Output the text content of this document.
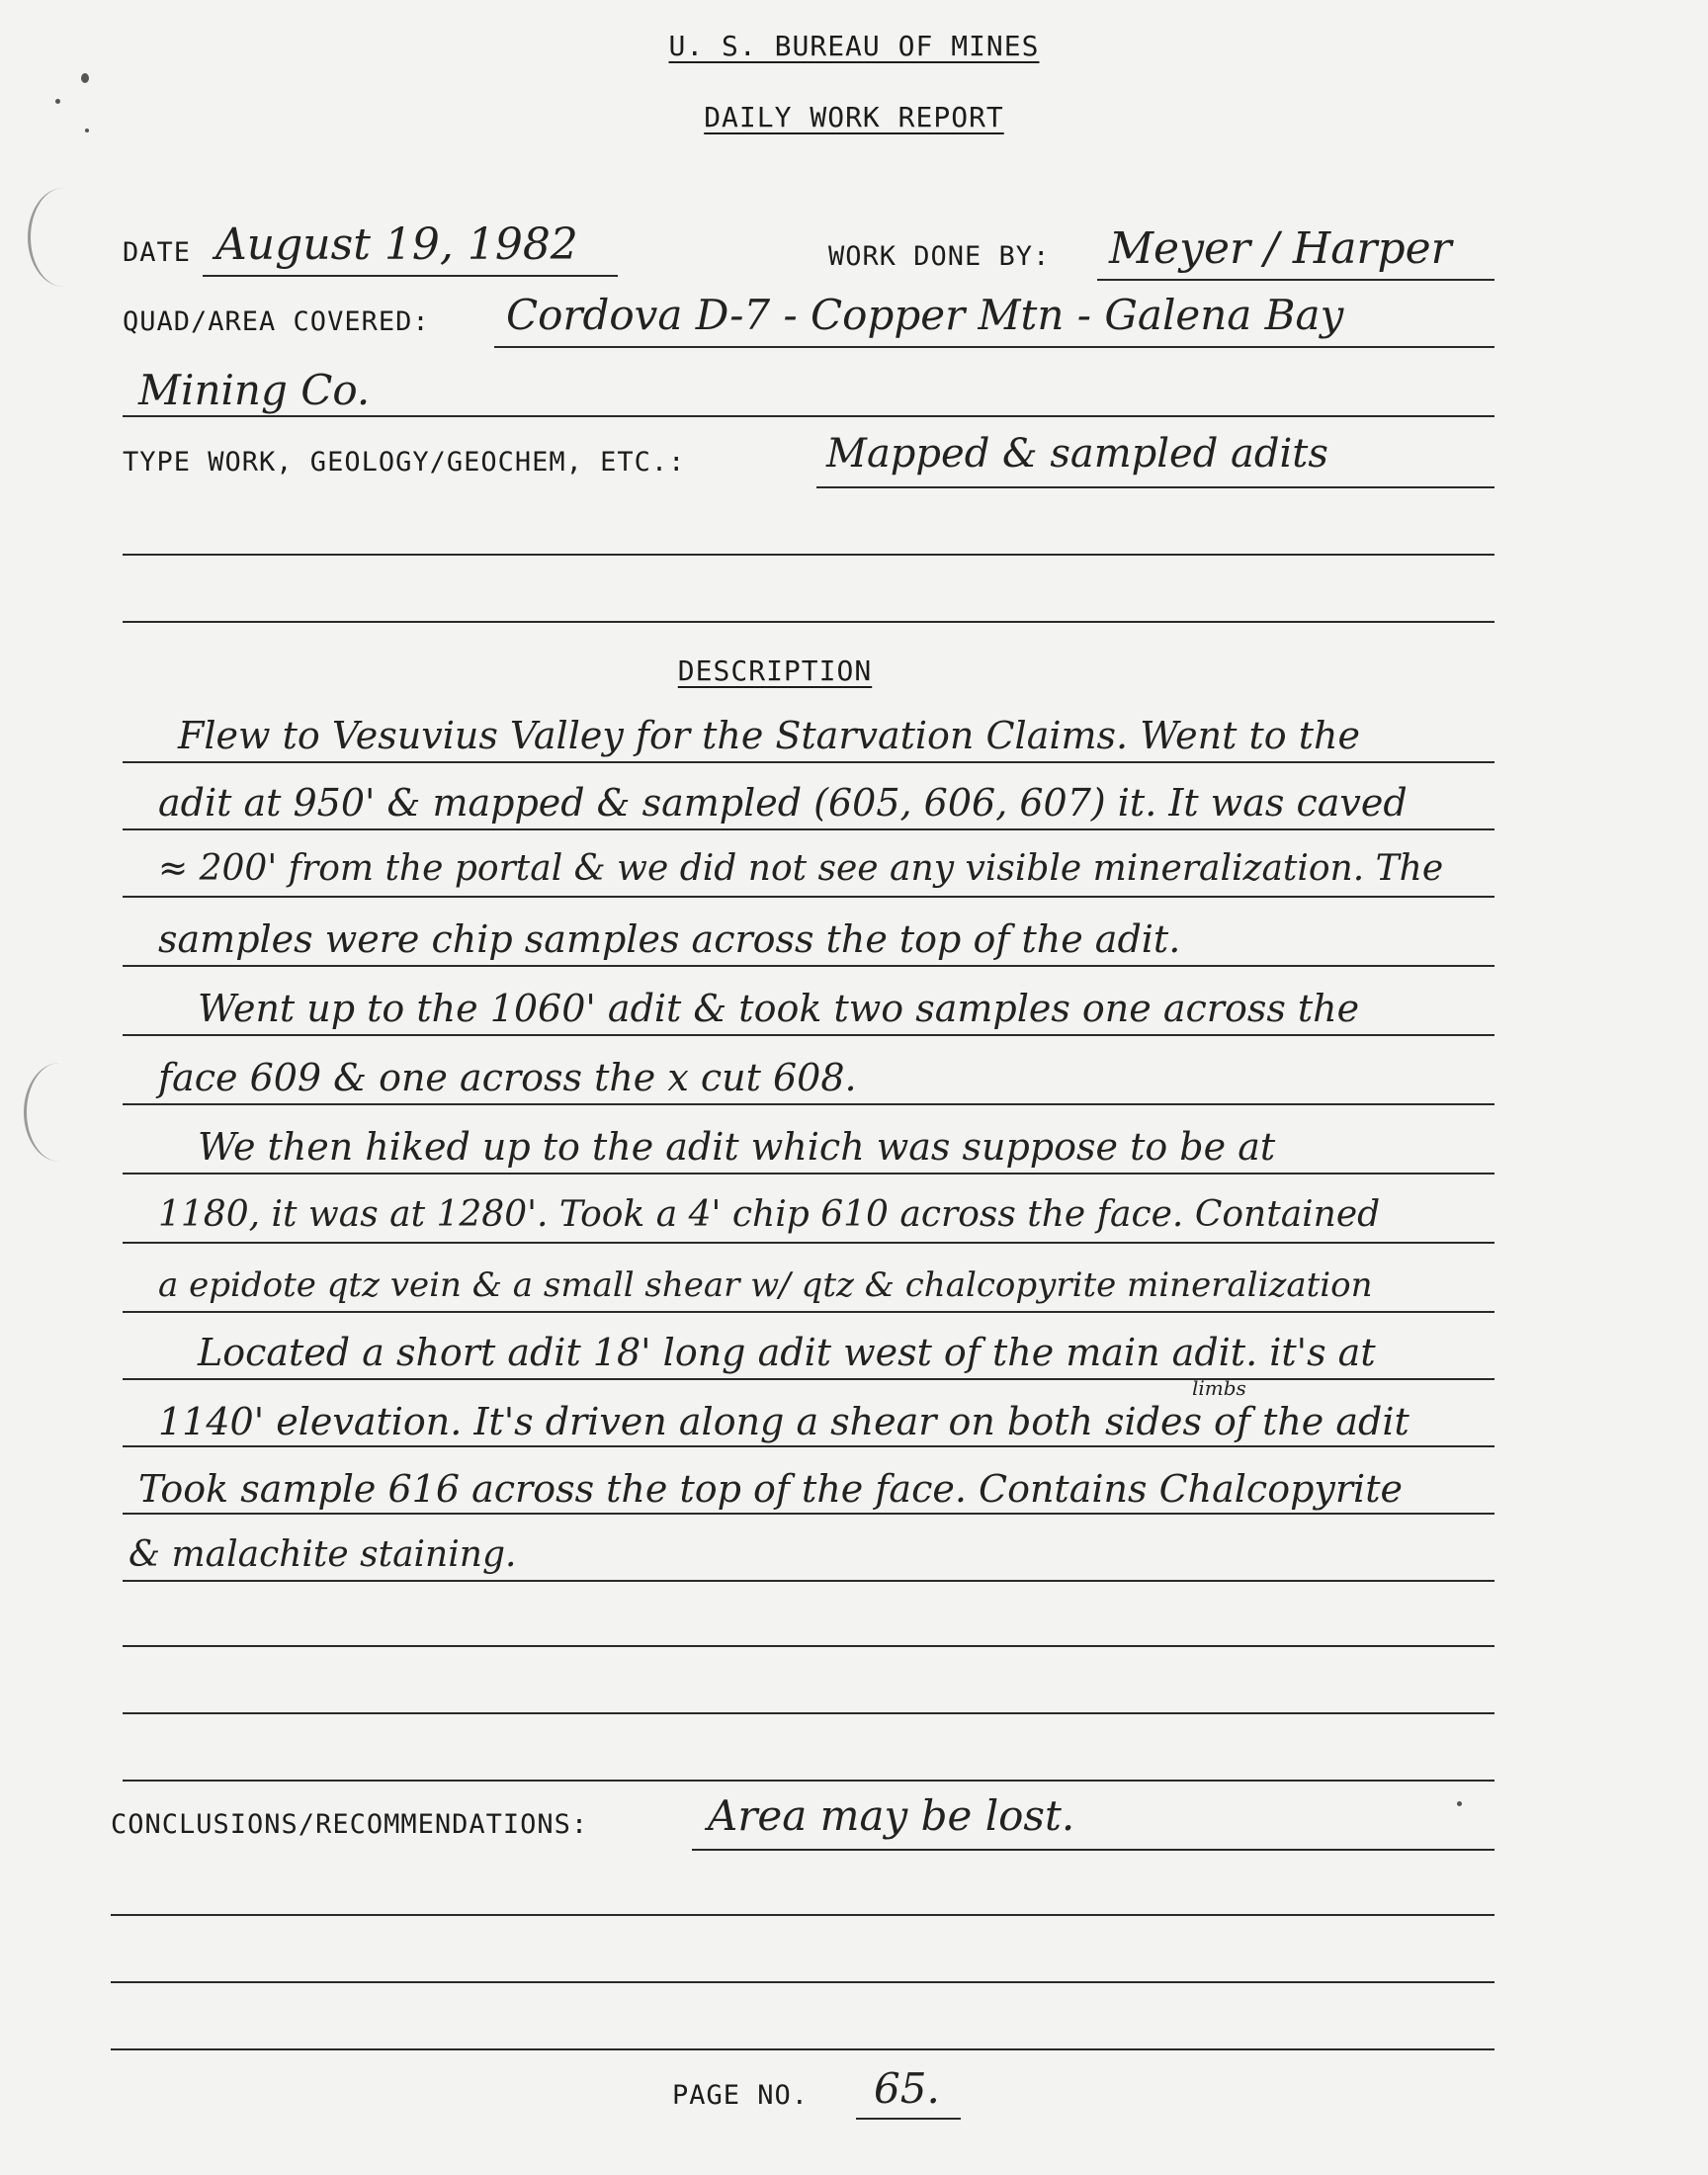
U. S. BUREAU OF MINES
DAILY WORK REPORT
DATE August 19, 1982	WORK DONE BY: Meyer / Harper
QUAD/AREA COVERED: Cordova D-7 - Copper Mtn - Galena Bay
Mining Co.
TYPE WORK, GEOLOGY/GEOCHEM, ETC.:	Mapped & sampled adits
DESCRIPTION
Flew to Vesuvius Valley for the Starvation Claims. Went to the
adit at 950' & mapped & sampled (605, 606, 607) it. It was caved
≈ 200' from the portal & we did not see any visible mineralization. The
samples were chip samples across the top of the adit.
Went up to the 1060' adit & took two samples one across the
face 609 & one across the x cut 608.
We then hiked up to the adit which was suppose to be at
1180, it was at 1280'. Took a 4' chip 610 across the face. Contained
a epidote qtz vein & a small shear w/ qtz & chalcopyrite mineralization
Located a short adit 18' long adit west of the main adit. it's at
limbs
1140' elevation. It's driven along a shear on both sides of the adit
Took sample 616 across the top of the face. Contains Chalcopyrite
& malachite staining.
CONCLUSIONS/RECOMMENDATIONS:	Area may be lost.
PAGE NO. 65.
